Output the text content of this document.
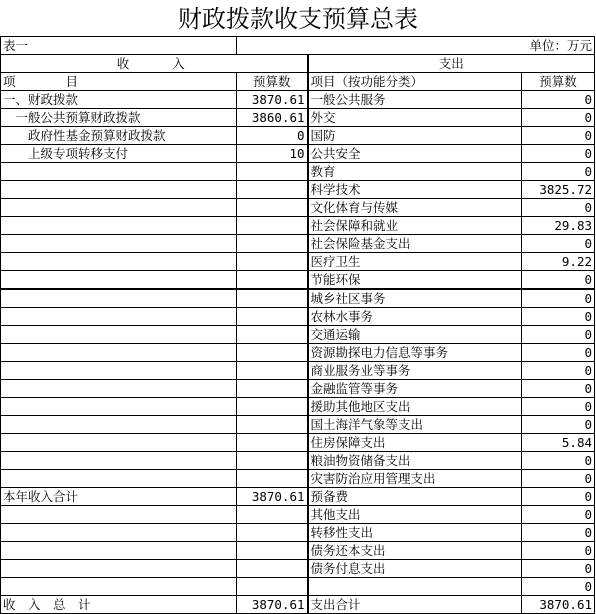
财政拨款收支预算总表
表一	单位：万元		
收　　入		支出	
项　　　　目	预算数	项目（按功能分类）	预算数
一、财政拨款	3870.61	一般公共服务	0
　一般公共预算财政拨款	3860.61	外交	0
　　政府性基金预算财政拨款	0	国防	0
　　上级专项转移支付	10	公共安全	0
		教育	0
		科学技术	3825.72
		文化体育与传媒	0
		社会保障和就业	29.83
		社会保险基金支出	0
		医疗卫生	9.22
		节能环保	0
		城乡社区事务	0
		农林水事务	0
		交通运输	0
		资源勘探电力信息等事务	0
		商业服务业等事务	0
		金融监管等事务	0
		援助其他地区支出	0
		国土海洋气象等支出	0
		住房保障支出	5.84
		粮油物资储备支出	0
		灾害防治应用管理支出	0
本年收入合计	3870.61	预备费	0
		其他支出	0
		转移性支出	0
		债务还本支出	0
		债务付息支出	0
			0
收　入　总　计	3870.61	支出合计	3870.61
